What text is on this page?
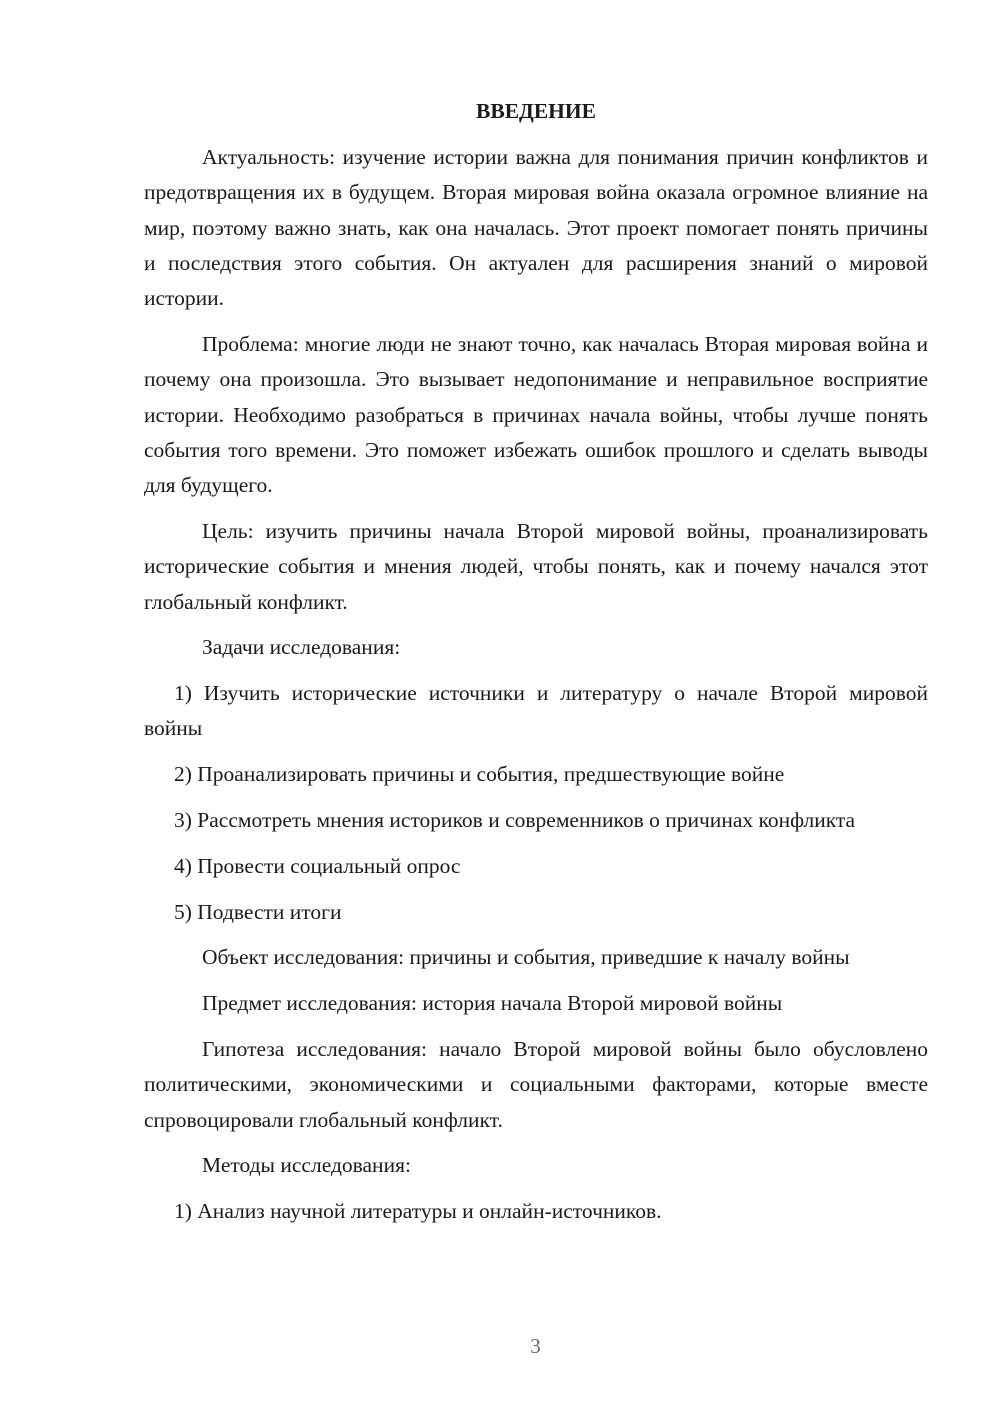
ВВЕДЕНИЕ

Актуальность: изучение истории важна для понимания причин конфликтов и предотвращения их в будущем. Вторая мировая война оказала огромное влияние на мир, поэтому важно знать, как она началась. Этот проект помогает понять причины и последствия этого события. Он актуален для расширения знаний о мировой истории.

Проблема: многие люди не знают точно, как началась Вторая мировая война и почему она произошла. Это вызывает недопонимание и неправильное восприятие истории. Необходимо разобраться в причинах начала войны, чтобы лучше понять события того времени. Это поможет избежать ошибок прошлого и сделать выводы для будущего.

Цель: изучить причины начала Второй мировой войны, проанализировать исторические события и мнения людей, чтобы понять, как и почему начался этот глобальный конфликт.

Задачи исследования:

1) Изучить исторические источники и литературу о начале Второй мировой войны

2) Проанализировать причины и события, предшествующие войне

3) Рассмотреть мнения историков и современников о причинах конфликта

4) Провести социальный опрос

5) Подвести итоги

Объект исследования: причины и события, приведшие к началу войны

Предмет исследования: история начала Второй мировой войны

Гипотеза исследования: начало Второй мировой войны было обусловлено политическими, экономическими и социальными факторами, которые вместе спровоцировали глобальный конфликт.

Методы исследования:

1) Анализ научной литературы и онлайн-источников.

3
